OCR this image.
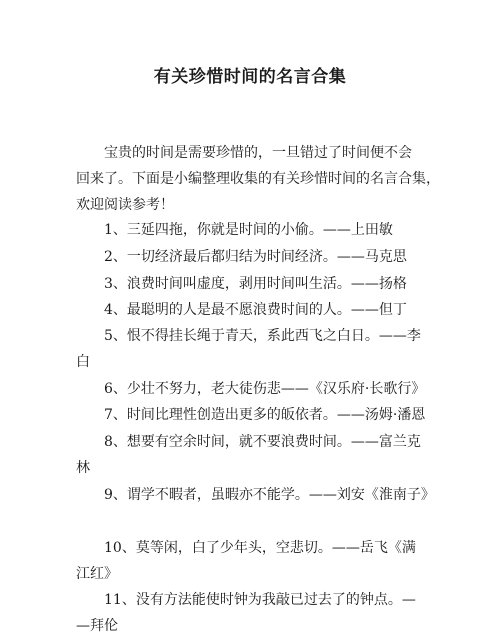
有关珍惜时间的名言合集
宝贵的时间是需要珍惜的，一旦错过了时间便不会
回来了。下面是小编整理收集的有关珍惜时间的名言合集，
欢迎阅读参考！
1、三延四拖，你就是时间的小偷。——上田敏
2、一切经济最后都归结为时间经济。——马克思
3、浪费时间叫虚度，剥用时间叫生活。——扬格
4、最聪明的人是最不愿浪费时间的人。——但丁
5、恨不得挂长绳于青天，系此西飞之白日。——李
白
6、少壮不努力，老大徒伤悲——《汉乐府·长歌行》
7、时间比理性创造出更多的皈依者。——汤姆·潘恩
8、想要有空余时间，就不要浪费时间。——富兰克
林
9、谓学不暇者，虽暇亦不能学。——刘安《淮南子》
10、莫等闲，白了少年头，空悲切。——岳飞《满
江红》
11、没有方法能使时钟为我敲已过去了的钟点。—
—拜伦
